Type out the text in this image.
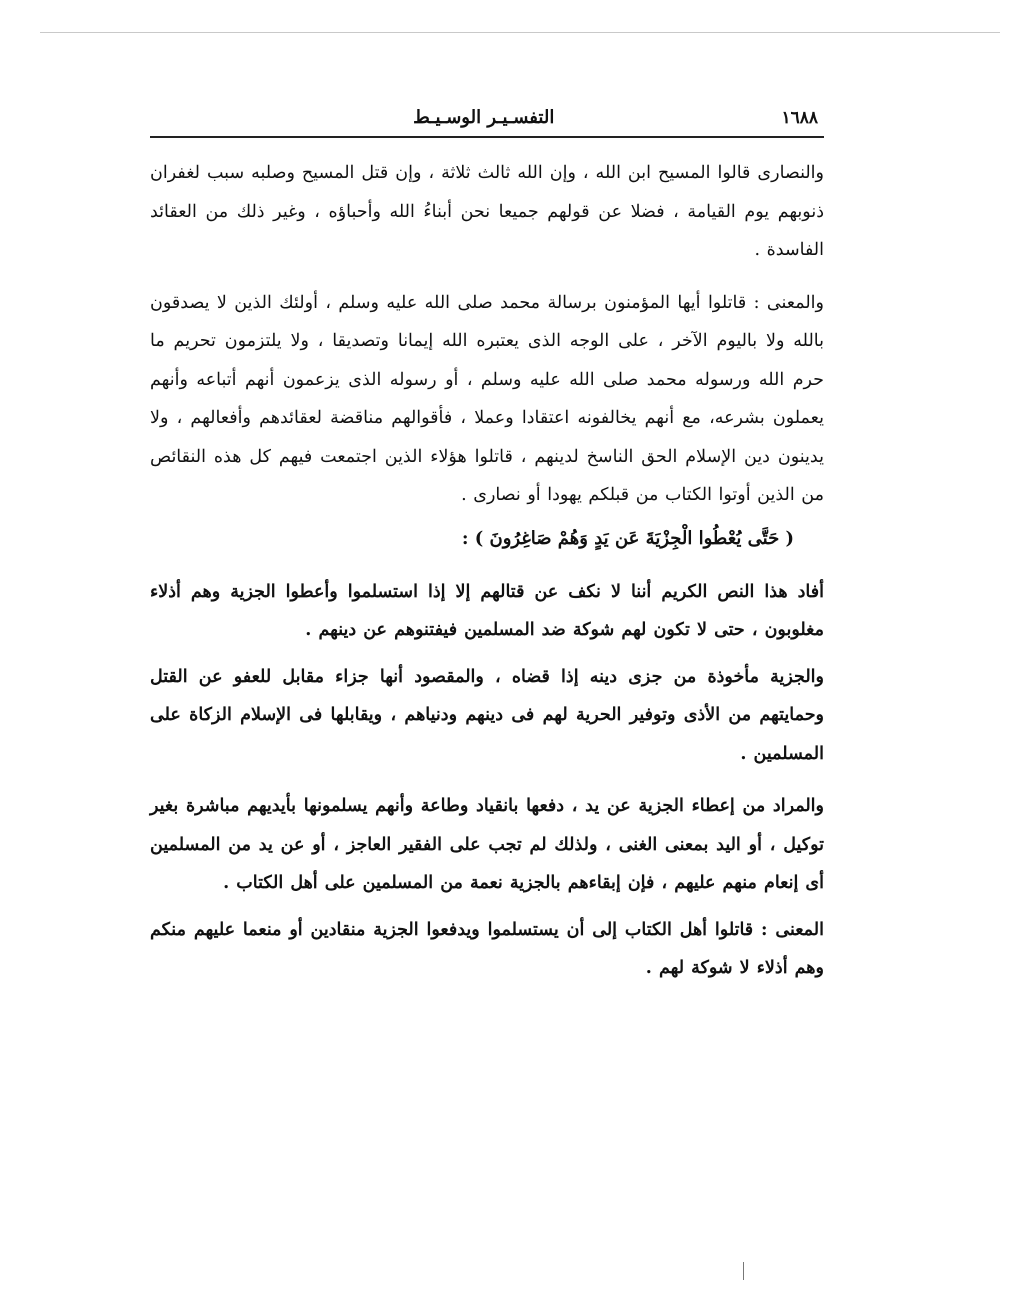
١٦٨٨
التفسـيـر الوسـيـط

والنصارى قالوا المسيح ابن الله ، وإن الله ثالث ثلاثة ، وإن قتل المسيح وصلبه سبب لغفران ذنوبهم يوم القيامة ، فضلا عن قولهم جميعا نحن أبناءُ الله وأحباؤه ، وغير ذلك من العقائد الفاسدة .

والمعنى : قاتلوا أيها المؤمنون برسالة محمد صلى الله عليه وسلم ، أولئك الذين لا يصدقون بالله ولا باليوم الآخر ، على الوجه الذى يعتبره الله إيمانا وتصديقا ، ولا يلتزمون تحريم ما حرم الله ورسوله محمد صلى الله عليه وسلم ، أو رسوله الذى يزعمون أنهم أتباعه وأنهم يعملون بشرعه، مع أنهم يخالفونه اعتقادا وعملا ، فأقوالهم مناقضة لعقائدهم وأفعالهم ، ولا يدينون دين الإسلام الحق الناسخ لدينهم ، قاتلوا هؤلاء الذين اجتمعت فيهم كل هذه النقائص من الذين أوتوا الكتاب من قبلكم يهودا أو نصارى .

( حَتَّى يُعْطُوا الْجِزْيَةَ عَن يَدٍ وَهُمْ صَاغِرُونَ ) :

أفاد هذا النص الكريم أننا لا نكف عن قتالهم إلا إذا استسلموا وأعطوا الجزية وهم أذلاء مغلوبون ، حتى لا تكون لهم شوكة ضد المسلمين فيفتنوهم عن دينهم .

والجزية مأخوذة من جزى دينه إذا قضاه ، والمقصود أنها جزاء مقابل للعفو عن القتل وحمايتهم من الأذى وتوفير الحرية لهم فى دينهم ودنياهم ، ويقابلها فى الإسلام الزكاة على المسلمين .

والمراد من إعطاء الجزية عن يد ، دفعها بانقياد وطاعة وأنهم يسلمونها بأيديهم مباشرة بغير توكيل ، أو اليد بمعنى الغنى ، ولذلك لم تجب على الفقير العاجز ، أو عن يد من المسلمين أى إنعام منهم عليهم ، فإن إبقاءهم بالجزية نعمة من المسلمين على أهل الكتاب .

المعنى : قاتلوا أهل الكتاب إلى أن يستسلموا ويدفعوا الجزية منقادين أو منعما عليهم منكم وهم أذلاء لا شوكة لهم .
